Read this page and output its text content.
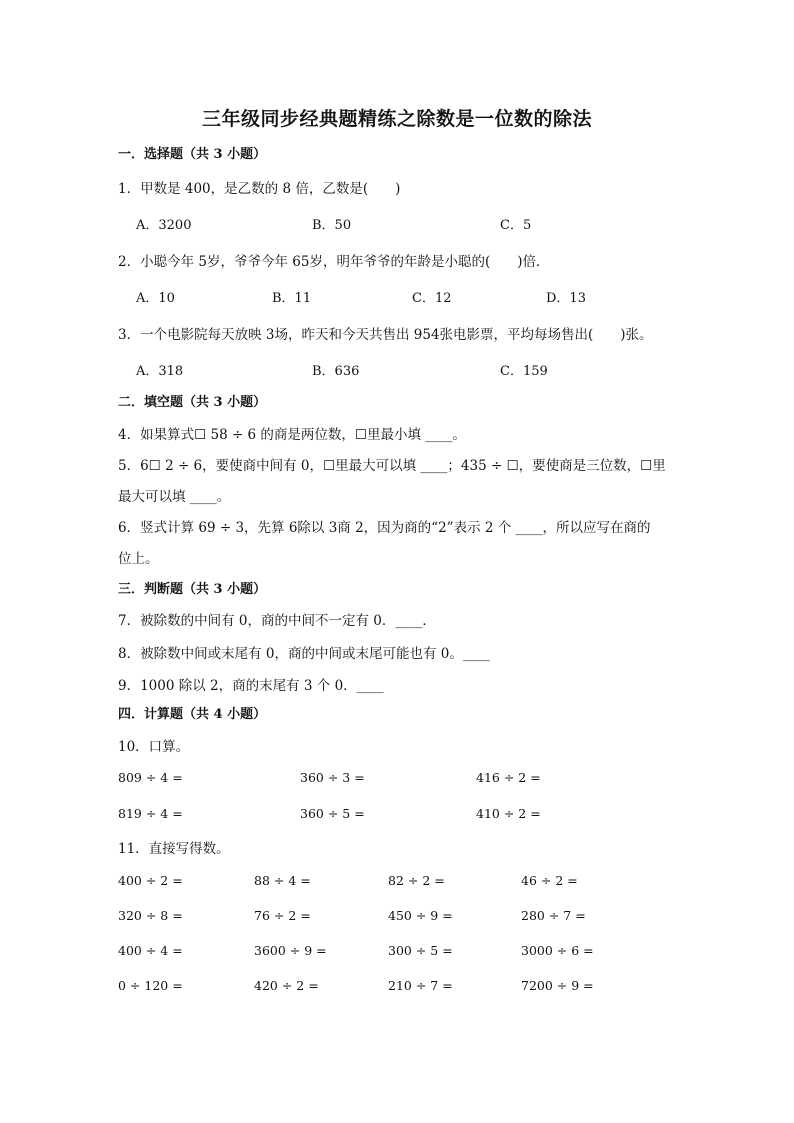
三年级同步经典题精练之除数是一位数的除法
一．选择题（共 3 小题）
1．甲数是 400，是乙数的 8 倍，乙数是(　　)
A．3200	B．50	C．5
2．小聪今年 5岁，爷爷今年 65岁，明年爷爷的年龄是小聪的(　　)倍．
A．10	B．11	C．12	D．13
3．一个电影院每天放映 3场，昨天和今天共售出 954张电影票，平均每场售出(　　)张。
A．318	B．636	C．159
二．填空题（共 3 小题）
4．如果算式☐ 58 ÷ 6 的商是两位数，☐里最小填 ____。
5．6☐ 2 ÷ 6，要使商中间有 0，☐里最大可以填 ____；435 ÷ ☐，要使商是三位数，☐里
最大可以填 ____。
6．竖式计算 69 ÷ 3，先算 6除以 3商 2，因为商的“2”表示 2 个 ____，所以应写在商的
位上。
三．判断题（共 3 小题）
7．被除数的中间有 0，商的中间不一定有 0．____．
8．被除数中间或末尾有 0，商的中间或末尾可能也有 0。____
9．1000 除以 2，商的末尾有 3 个 0．____
四．计算题（共 4 小题）
10．口算。
809 ÷ 4 =	360 ÷ 3 =	416 ÷ 2 =
819 ÷ 4 =	360 ÷ 5 =	410 ÷ 2 =
11．直接写得数。
400 ÷ 2 =	88 ÷ 4 =	82 ÷ 2 =	46 ÷ 2 =
320 ÷ 8 =	76 ÷ 2 =	450 ÷ 9 =	280 ÷ 7 =
400 ÷ 4 =	3600 ÷ 9 =	300 ÷ 5 =	3000 ÷ 6 =
0 ÷ 120 =	420 ÷ 2 =	210 ÷ 7 =	7200 ÷ 9 =
